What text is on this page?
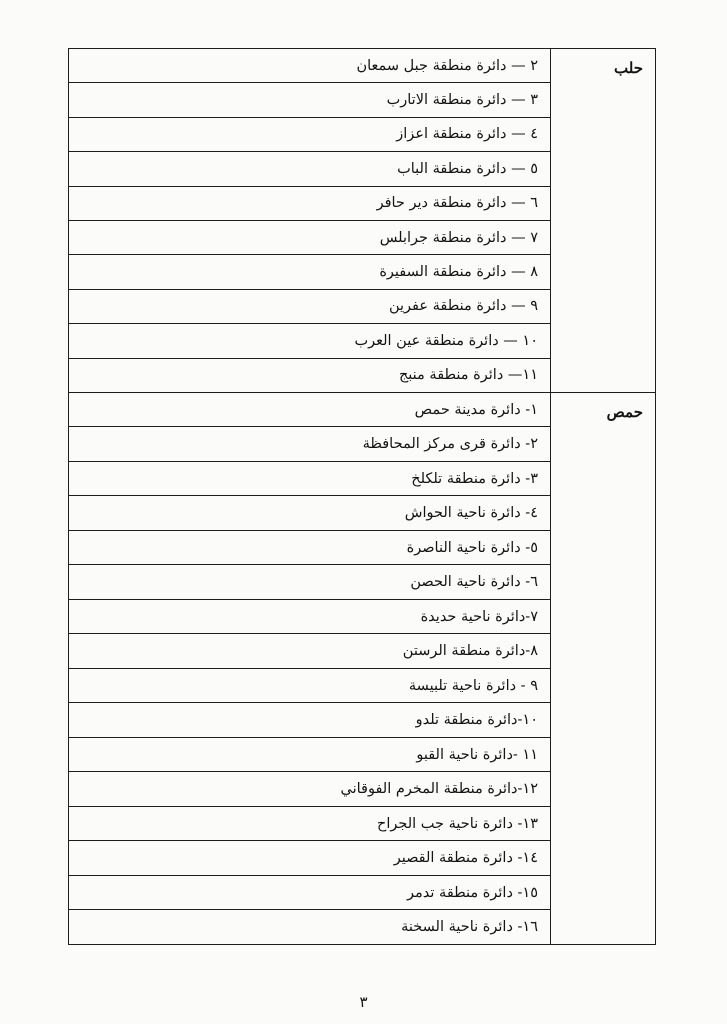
حلب	٢ — دائرة منطقة جبل سمعان
	٣ — دائرة منطقة الاتارب
	٤ — دائرة منطقة اعزاز
	٥ — دائرة منطقة الباب
	٦ — دائرة منطقة دير حافر
	٧ — دائرة منطقة جرابلس
	٨ — دائرة منطقة السفيرة
	٩ — دائرة منطقة عفرين
	١٠ — دائرة منطقة عين العرب
	١١— دائرة منطقة منبج
حمص	١- دائرة مدينة حمص
	٢- دائرة قرى مركز المحافظة
	٣- دائرة منطقة تلكلخ
	٤- دائرة ناحية الحواش
	٥- دائرة ناحية الناصرة
	٦- دائرة ناحية الحصن
	٧-دائرة ناحية حديدة
	٨-دائرة منطقة الرستن
	٩ - دائرة ناحية تلبيسة
	١٠-دائرة منطقة تلدو
	١١ -دائرة ناحية القبو
	١٢-دائرة منطقة المخرم الفوقاني
	١٣- دائرة ناحية جب الجراح
	١٤- دائرة منطقة القصير
	١٥- دائرة منطقة تدمر
	١٦- دائرة ناحية السخنة
٣
